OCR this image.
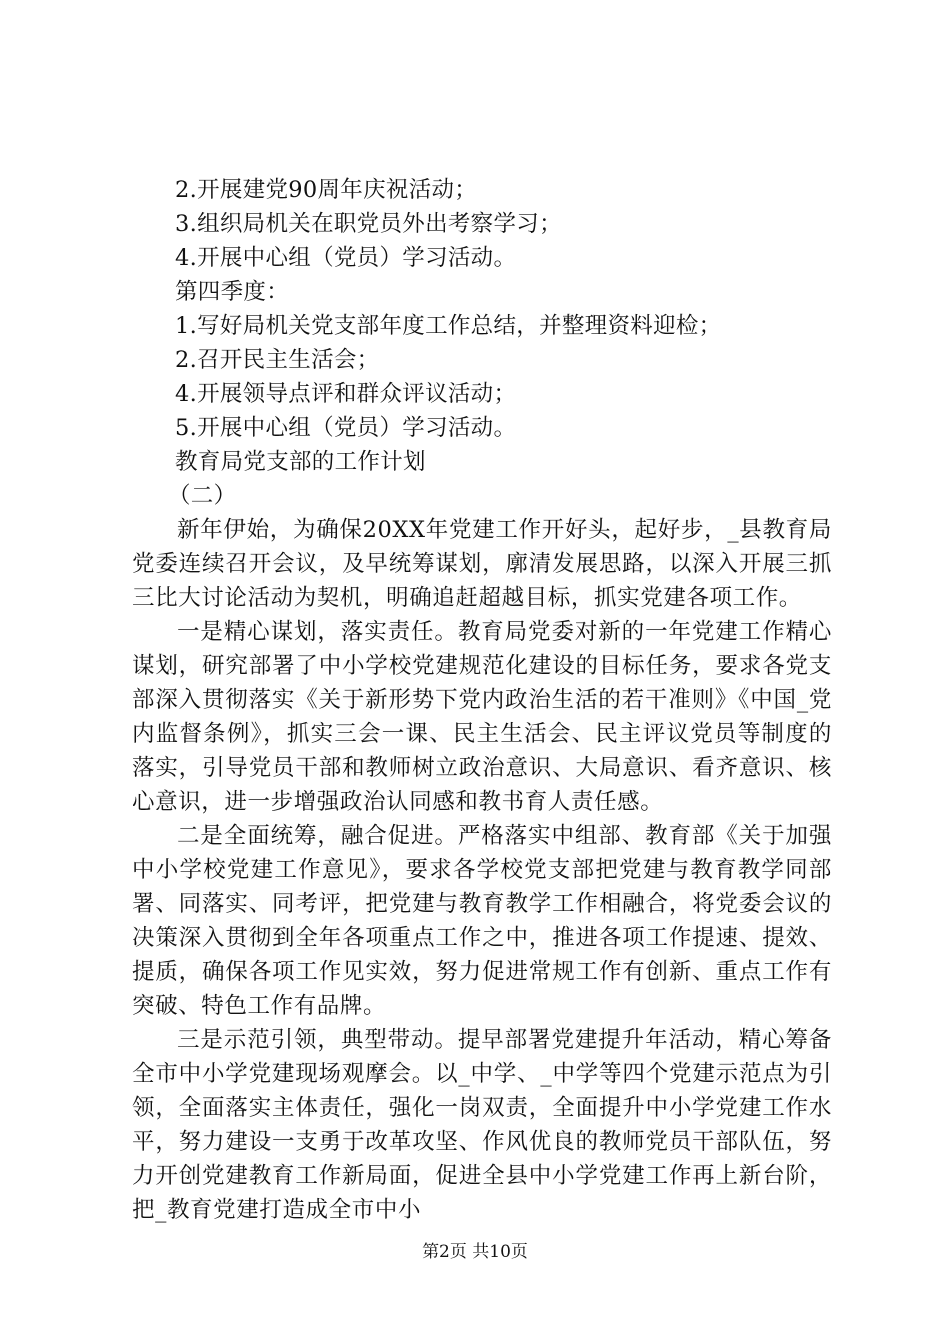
2.开展建党90周年庆祝活动；
3.组织局机关在职党员外出考察学习；
4.开展中心组（党员）学习活动。
第四季度：
1.写好局机关党支部年度工作总结，并整理资料迎检；
2.召开民主生活会；
4.开展领导点评和群众评议活动；
5.开展中心组（党员）学习活动。
教育局党支部的工作计划
（二）

新年伊始，为确保20XX年党建工作开好头，起好步，_县教育局党委连续召开会议，及早统筹谋划，廓清发展思路，以深入开展三抓三比大讨论活动为契机，明确追赶超越目标，抓实党建各项工作。

一是精心谋划，落实责任。教育局党委对新的一年党建工作精心谋划，研究部署了中小学校党建规范化建设的目标任务，要求各党支部深入贯彻落实《关于新形势下党内政治生活的若干准则》《中国_党内监督条例》，抓实三会一课、民主生活会、民主评议党员等制度的落实，引导党员干部和教师树立政治意识、大局意识、看齐意识、核心意识，进一步增强政治认同感和教书育人责任感。

二是全面统筹，融合促进。严格落实中组部、教育部《关于加强中小学校党建工作意见》，要求各学校党支部把党建与教育教学同部署、同落实、同考评，把党建与教育教学工作相融合，将党委会议的决策深入贯彻到全年各项重点工作之中，推进各项工作提速、提效、提质，确保各项工作见实效，努力促进常规工作有创新、重点工作有突破、特色工作有品牌。

三是示范引领，典型带动。提早部署党建提升年活动，精心筹备全市中小学党建现场观摩会。以_中学、_中学等四个党建示范点为引领，全面落实主体责任，强化一岗双责，全面提升中小学党建工作水平，努力建设一支勇于改革攻坚、作风优良的教师党员干部队伍，努力开创党建教育工作新局面，促进全县中小学党建工作再上新台阶，把_教育党建打造成全市中小

第2页 共10页
